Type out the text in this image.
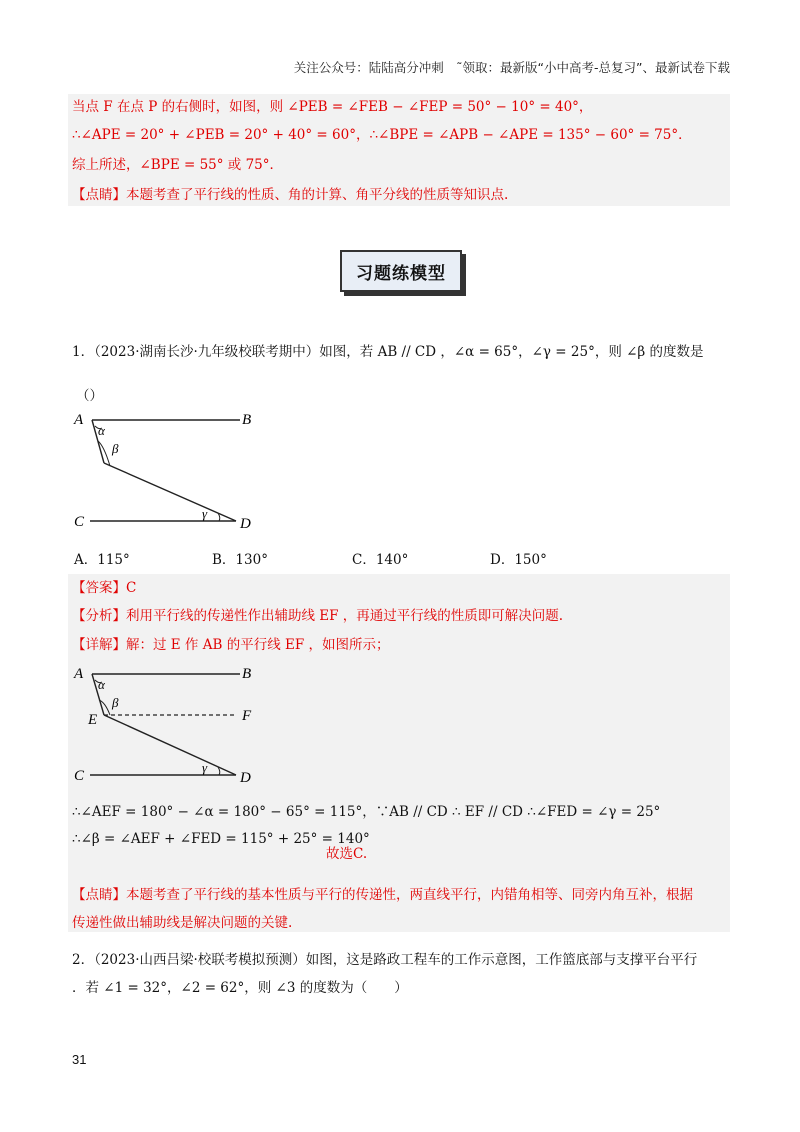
关注公众号：陆陆高分冲刺　˜领取：最新版“小中高考-总复习”、最新试卷下载
当点 F 在点 P 的右侧时，如图，则 ∠PEB = ∠FEB − ∠FEP = 50° − 10° = 40°，
∴∠APE = 20° + ∠PEB = 20° + 40° = 60°，∴∠BPE = ∠APB − ∠APE = 135° − 60° = 75°．
综上所述，∠BPE = 55° 或 75°．
【点睛】本题考查了平行线的性质、角的计算、角平分线的性质等知识点.
习题练模型
1．（2023·湖南长沙·九年级校联考期中）如图，若 AB // CD ，∠α = 65°，∠γ = 25°，则 ∠β 的度数是
（）
A	B
C	D
α
β
γ
A．115°	B．130°	C．140°	D．150°
【答案】C
【分析】利用平行线的传递性作出辅助线 EF ，再通过平行线的性质即可解决问题.
【详解】解：过 E 作 AB 的平行线 EF ，如图所示；
A	B
E	F
C	D
α
β
γ
∴∠AEF = 180° − ∠α = 180° − 65° = 115°，∵AB // CD ∴ EF // CD ∴∠FED = ∠γ = 25°
∴∠β = ∠AEF + ∠FED = 115° + 25° = 140°
故选C.
【点睛】本题考查了平行线的基本性质与平行的传递性，两直线平行，内错角相等、同旁内角互补，根据
传递性做出辅助线是解决问题的关键.
2．（2023·山西吕梁·校联考模拟预测）如图，这是路政工程车的工作示意图，工作篮底部与支撑平台平行
．若 ∠1 = 32°，∠2 = 62°，则 ∠3 的度数为（　　）
31
